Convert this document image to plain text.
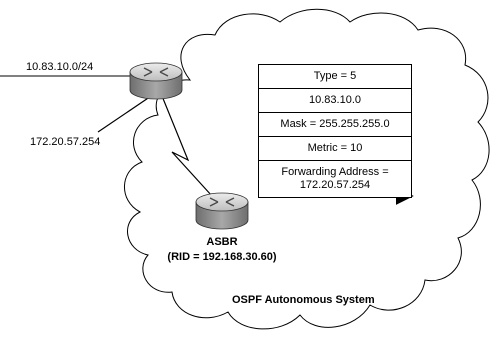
10.83.10.0/24
172.20.57.254
ASBR
(RID = 192.168.30.60)
OSPF Autonomous System
Type = 5
10.83.10.0
Mask = 255.255.255.0
Metric = 10
Forwarding Address = 172.20.57.254
